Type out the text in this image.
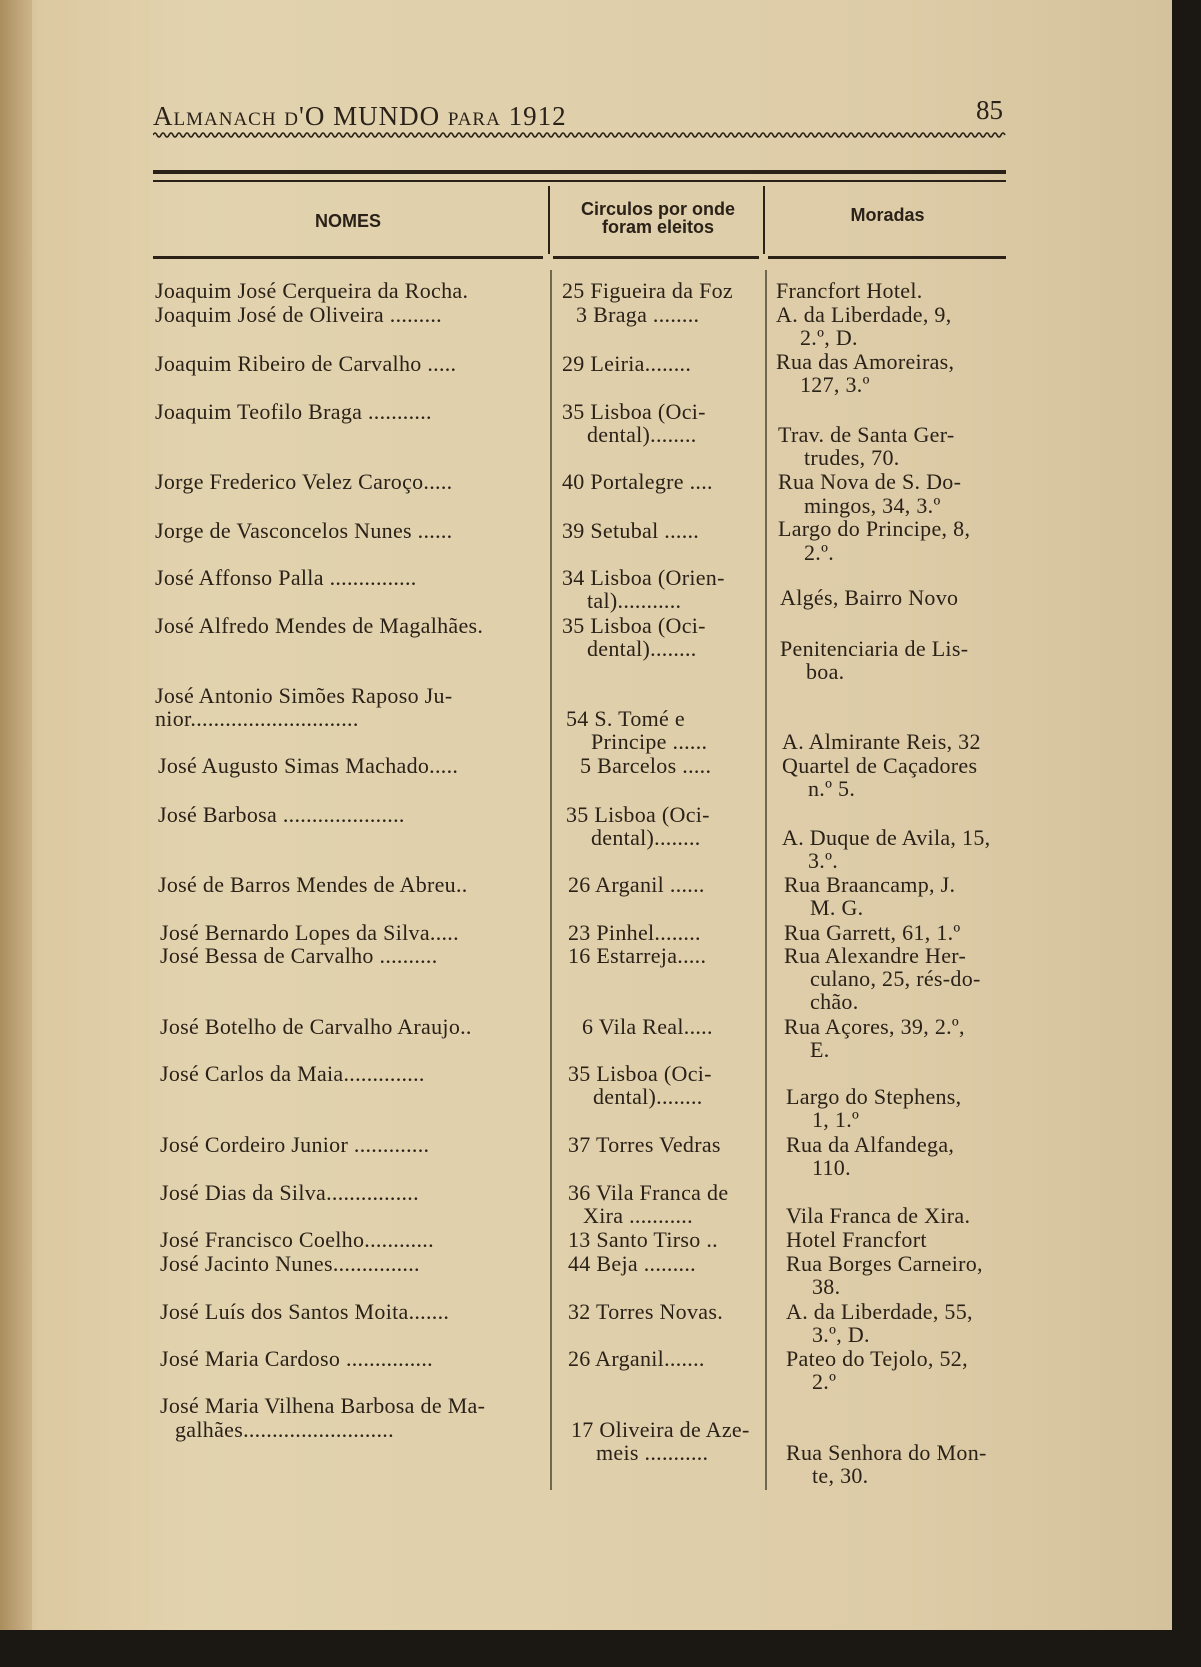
Almanach d'O MUNDO para 1912	85
NOMES
Circulos por onde foram eleitos
Moradas
Joaquim José Cerqueira da Rocha.
Joaquim José de Oliveira .........
Joaquim Ribeiro de Carvalho .....
Joaquim Teofilo Braga ...........
Jorge Frederico Velez Caroço.....
Jorge de Vasconcelos Nunes ......
José Affonso Palla ...............
José Alfredo Mendes de Magalhães.
José Antonio Simões Raposo Ju-
nior.............................
José Augusto Simas Machado.....
José Barbosa .....................
José de Barros Mendes de Abreu..
José Bernardo Lopes da Silva.....
José Bessa de Carvalho ..........
José Botelho de Carvalho Araujo..
José Carlos da Maia..............
José Cordeiro Junior .............
José Dias da Silva................
José Francisco Coelho............
José Jacinto Nunes...............
José Luís dos Santos Moita.......
José Maria Cardoso ...............
José Maria Vilhena Barbosa de Ma-
galhães..........................
25 Figueira da Foz
3 Braga ........
29 Leiria........
35 Lisboa (Oci-
dental)........
40 Portalegre ....
39 Setubal ......
34 Lisboa (Orien-
tal)...........
35 Lisboa (Oci-
dental)........
54 S. Tomé e
Principe ......
5 Barcelos .....
35 Lisboa (Oci-
dental)........
26 Arganil ......
23 Pinhel........
16 Estarreja.....
6 Vila Real.....
35 Lisboa (Oci-
dental)........
37 Torres Vedras
36 Vila Franca de
Xira ...........
13 Santo Tirso ..
44 Beja .........
32 Torres Novas.
26 Arganil.......
17 Oliveira de Aze-
meis ...........
Francfort Hotel.
A. da Liberdade, 9,
2.º, D.
Rua das Amoreiras,
127, 3.º
Trav. de Santa Ger-
trudes, 70.
Rua Nova de S. Do-
mingos, 34, 3.º
Largo do Principe, 8,
2.º.
Algés, Bairro Novo
Penitenciaria de Lis-
boa.
A. Almirante Reis, 32
Quartel de Caçadores
n.º 5.
A. Duque de Avila, 15,
3.º.
Rua Braancamp, J.
M. G.
Rua Garrett, 61, 1.º
Rua Alexandre Her-
culano, 25, rés-do-
chão.
Rua Açores, 39, 2.º,
E.
Largo do Stephens,
1, 1.º
Rua da Alfandega,
110.
Vila Franca de Xira.
Hotel Francfort
Rua Borges Carneiro,
38.
A. da Liberdade, 55,
3.º, D.
Pateo do Tejolo, 52,
2.º
Rua Senhora do Mon-
te, 30.
